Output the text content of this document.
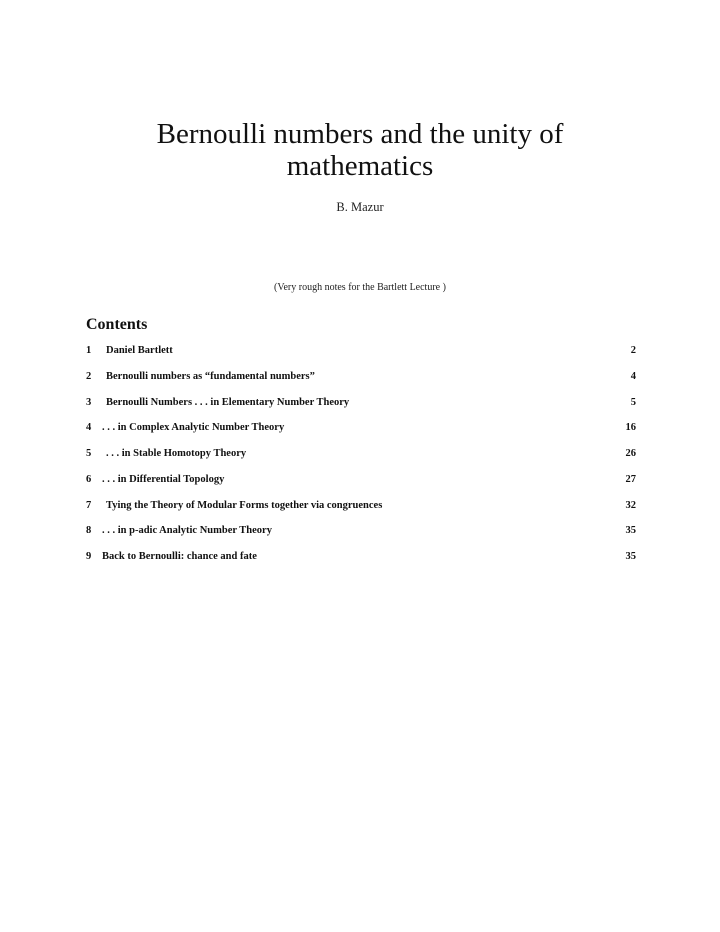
Bernoulli numbers and the unity of
mathematics
B. Mazur
(Very rough notes for the Bartlett Lecture )
Contents
1	Daniel Bartlett	2
2	Bernoulli numbers as “fundamental numbers”	4
3	Bernoulli Numbers . . . in Elementary Number Theory	5
4	. . . in Complex Analytic Number Theory	16
5	. . . in Stable Homotopy Theory	26
6	. . . in Differential Topology	27
7	Tying the Theory of Modular Forms together via congruences	32
8	. . . in p-adic Analytic Number Theory	35
9	Back to Bernoulli: chance and fate	35
